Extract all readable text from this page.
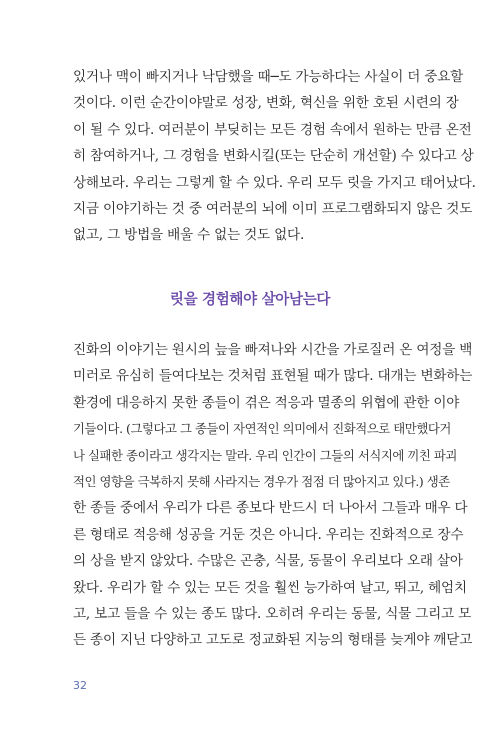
있거나 맥이 빠지거나 낙담했을 때─도 가능하다는 사실이 더 중요할
것이다. 이런 순간이야말로 성장, 변화, 혁신을 위한 호된 시련의 장
이 될 수 있다. 여러분이 부딪히는 모든 경험 속에서 원하는 만큼 온전
히 참여하거나, 그 경험을 변화시킬(또는 단순히 개선할) 수 있다고 상
상해보라. 우리는 그렇게 할 수 있다. 우리 모두 릿을 가지고 태어났다.
지금 이야기하는 것 중 여러분의 뇌에 이미 프로그램화되지 않은 것도
없고, 그 방법을 배울 수 없는 것도 없다.
릿을 경험해야 살아남는다
진화의 이야기는 원시의 늪을 빠져나와 시간을 가로질러 온 여정을 백
미러로 유심히 들여다보는 것처럼 표현될 때가 많다. 대개는 변화하는
환경에 대응하지 못한 종들이 겪은 적응과 멸종의 위협에 관한 이야
기들이다. (그렇다고 그 종들이 자연적인 의미에서 진화적으로 태만했다거
나 실패한 종이라고 생각지는 말라. 우리 인간이 그들의 서식지에 끼친 파괴
적인 영향을 극복하지 못해 사라지는 경우가 점점 더 많아지고 있다.) 생존
한 종들 중에서 우리가 다른 종보다 반드시 더 나아서 그들과 매우 다
른 형태로 적응해 성공을 거둔 것은 아니다. 우리는 진화적으로 장수
의 상을 받지 않았다. 수많은 곤충, 식물, 동물이 우리보다 오래 살아
왔다. 우리가 할 수 있는 모든 것을 훨씬 능가하여 날고, 뛰고, 헤엄치
고, 보고 들을 수 있는 종도 많다. 오히려 우리는 동물, 식물 그리고 모
든 종이 지닌 다양하고 고도로 정교화된 지능의 형태를 늦게야 깨닫고
32
